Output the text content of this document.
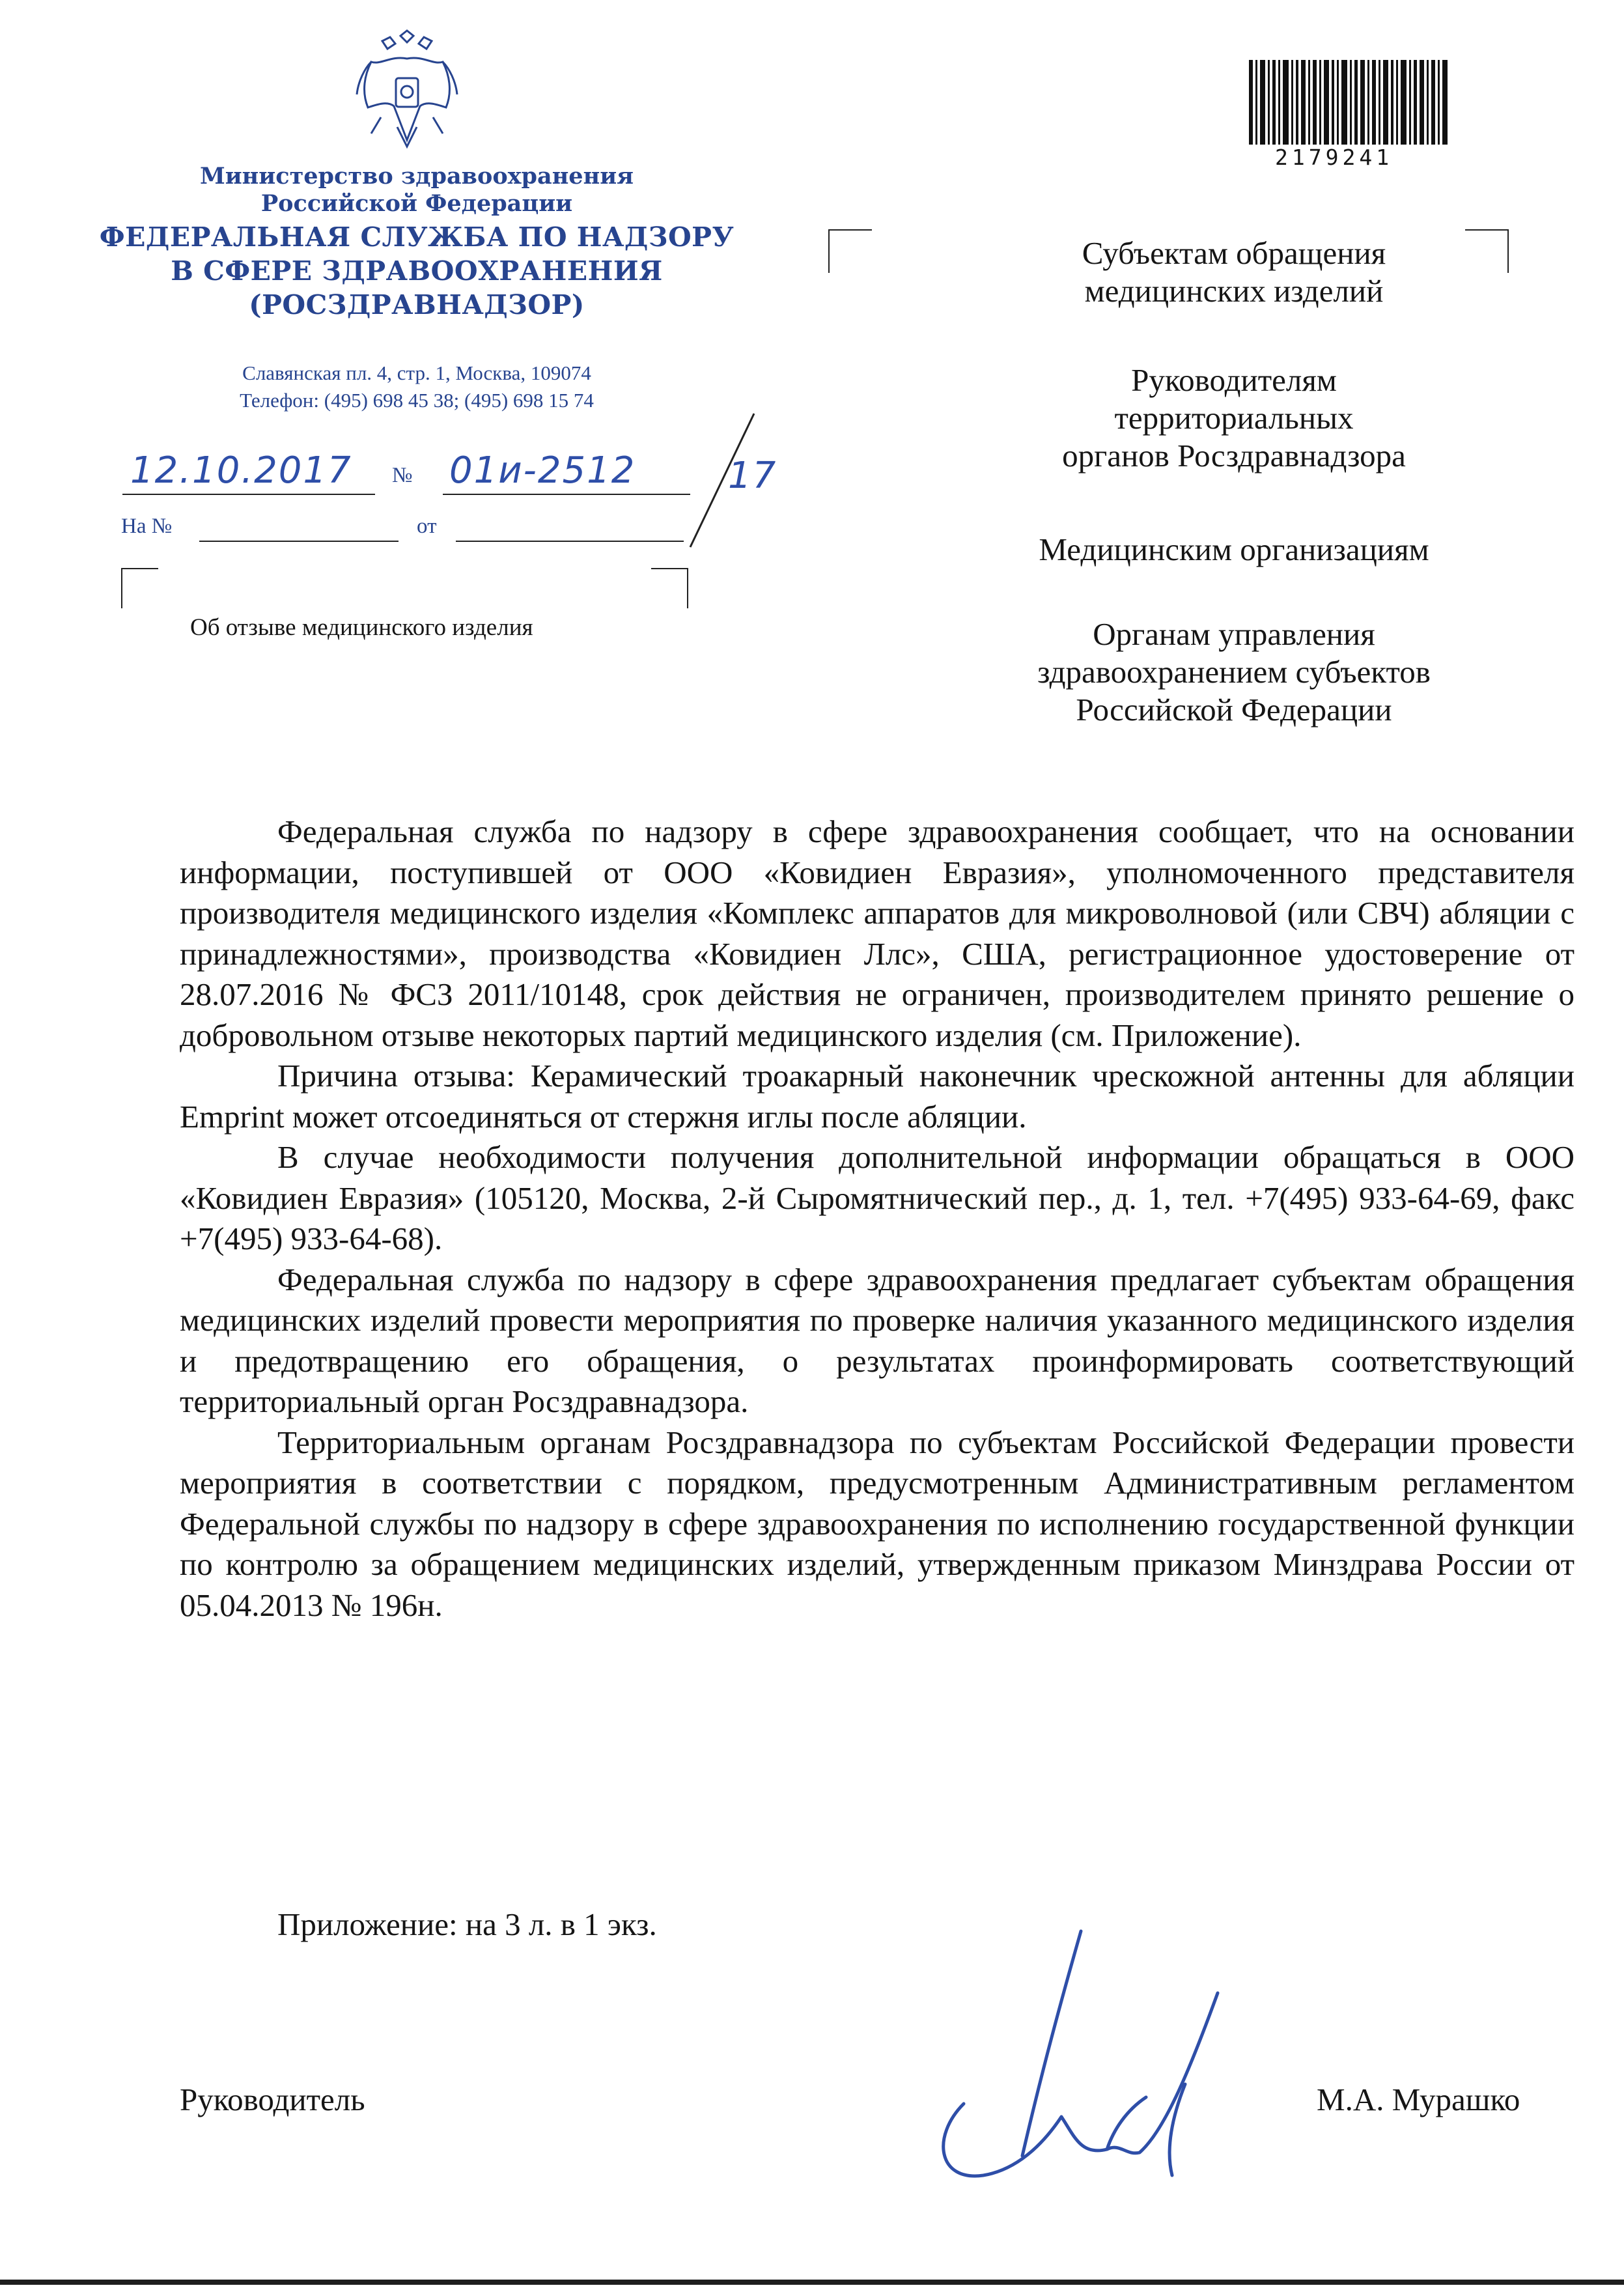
Министерство здравоохранения
Российской Федерации
ФЕДЕРАЛЬНАЯ СЛУЖБА ПО НАДЗОРУ
В СФЕРЕ ЗДРАВООХРАНЕНИЯ
(РОСЗДРАВНАДЗОР)
Славянская пл. 4, стр. 1, Москва, 109074
Телефон: (495) 698 45 38; (495) 698 15 74
12.10.2017 № 01и-2512	17
На №	от
Об отзыве медицинского изделия
2179241
Субъектам обращения
медицинских изделий
Руководителям
территориальных
органов Росздравнадзора
Медицинским организациям
Органам управления
здравоохранением субъектов
Российской Федерации

Федеральная служба по надзору в сфере здравоохранения сообщает, что на основании информации, поступившей от ООО «Ковидиен Евразия», уполномоченного представителя производителя медицинского изделия «Комплекс аппаратов для микроволновой (или СВЧ) абляции с принадлежностями», производства «Ковидиен Ллс», США, регистрационное удостоверение от 28.07.2016 № ФСЗ 2011/10148, срок действия не ограничен, производителем принято решение о добровольном отзыве некоторых партий медицинского изделия (см. Приложение).

Причина отзыва: Керамический троакарный наконечник чрескожной антенны для абляции Emprint может отсоединяться от стержня иглы после абляции.

В случае необходимости получения дополнительной информации обращаться в ООО «Ковидиен Евразия» (105120, Москва, 2-й Сыромятнический пер., д. 1, тел. +7(495) 933-64-69, факс +7(495) 933-64-68).

Федеральная служба по надзору в сфере здравоохранения предлагает субъектам обращения медицинских изделий провести мероприятия по проверке наличия указанного медицинского изделия и предотвращению его обращения, о результатах проинформировать соответствующий территориальный орган Росздравнадзора.

Территориальным органам Росздравнадзора по субъектам Российской Федерации провести мероприятия в соответствии с порядком, предусмотренным Административным регламентом Федеральной службы по надзору в сфере здравоохранения по исполнению государственной функции по контролю за обращением медицинских изделий, утвержденным приказом Минздрава России от 05.04.2013 № 196н.

Приложение: на 3 л. в 1 экз.
Руководитель	М.А. Мурашко
